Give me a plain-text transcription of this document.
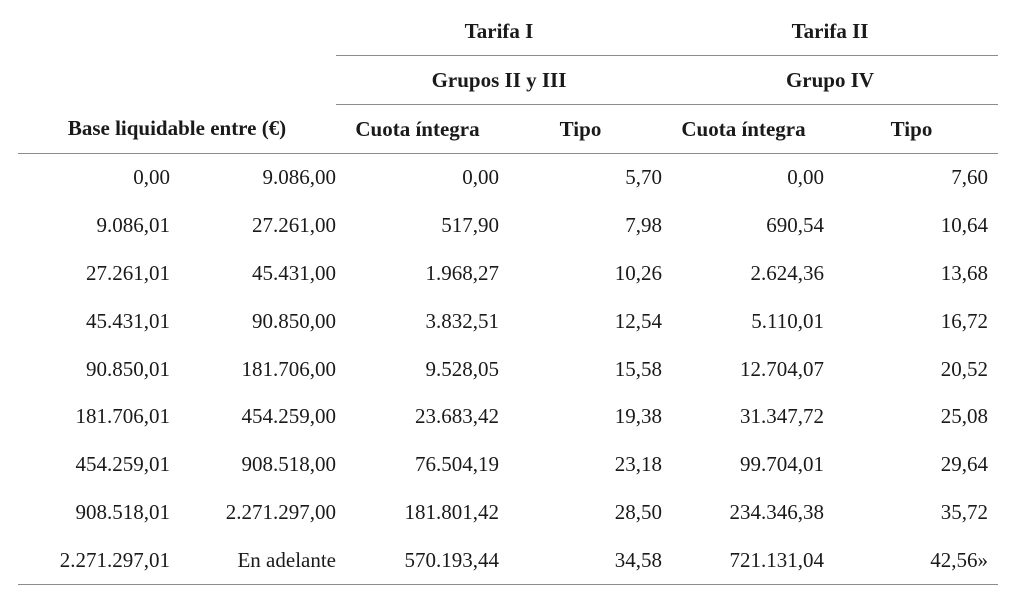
		Tarifa I		Tarifa II	
		Grupos II y III		Grupo IV	
Base liquidable entre (€)		Cuota íntegra	Tipo	Cuota íntegra	Tipo
0,00	9.086,00	0,00	5,70	0,00	7,60
9.086,01	27.261,00	517,90	7,98	690,54	10,64
27.261,01	45.431,00	1.968,27	10,26	2.624,36	13,68
45.431,01	90.850,00	3.832,51	12,54	5.110,01	16,72
90.850,01	181.706,00	9.528,05	15,58	12.704,07	20,52
181.706,01	454.259,00	23.683,42	19,38	31.347,72	25,08
454.259,01	908.518,00	76.504,19	23,18	99.704,01	29,64
908.518,01	2.271.297,00	181.801,42	28,50	234.346,38	35,72
2.271.297,01	En adelante	570.193,44	34,58	721.131,04	42,56»
